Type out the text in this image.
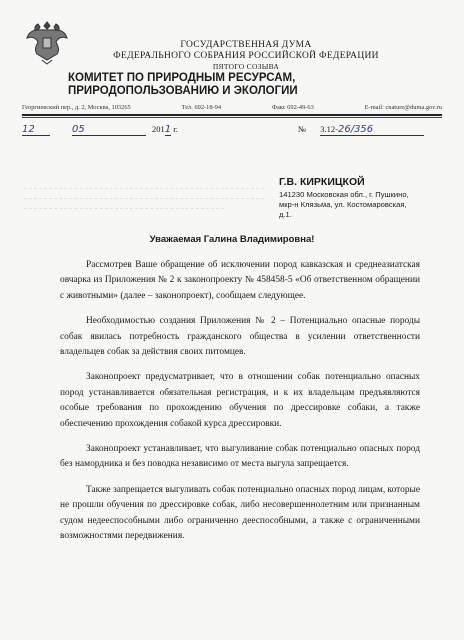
ГОСУДАРСТВЕННАЯ ДУМА
ФЕДЕРАЛЬНОГО СОБРАНИЯ РОССИЙСКОЙ ФЕДЕРАЦИИ
ПЯТОГО СОЗЫВА
КОМИТЕТ ПО ПРИРОДНЫМ РЕСУРСАМ, ПРИРОДОПОЛЬЗОВАНИЮ И ЭКОЛОГИИ
Георгиевский пер., д. 2, Москва, 103265	Тел. 692-18-94	Факс 692-49-63	E-mail: cnature@duma.gov.ru
12	05	2011 г.	№ 3.12-26/356
Г.В. КИРКИЦКОЙ
141230 Московская обл., г. Пушкино,
мкр-н Клязьма, ул. Костомаровская,
д.1.
Уважаемая Галина Владимировна!

Рассмотрев Ваше обращение об исключении пород кавказская и среднеазиатская овчарка из Приложения № 2 к законопроекту № 458458-5 «Об ответственном обращении с животными» (далее – законопроект), сообщаем следующее.

Необходимостью создания Приложения № 2 – Потенциально опасные породы собак явилась потребность гражданского общества в усилении ответственности владельцев собак за действия своих питомцев.

Законопроект предусматривает, что в отношении собак потенциально опасных пород устанавливается обязательная регистрация, и к их владельцам предъявляются особые требования по прохождению обучения по дрессировке собаки, а также обеспечению прохождения собакой курса дрессировки.

Законопроект устанавливает, что выгуливание собак потенциально опасных пород без намордника и без поводка независимо от места выгула запрещается.

Также запрещается выгуливать собак потенциально опасных пород лицам, которые не прошли обучения по дрессировке собак, либо несовершеннолетним или признанным судом недееспособными либо ограниченно дееспособными, а также с ограниченными возможностями передвижения.
